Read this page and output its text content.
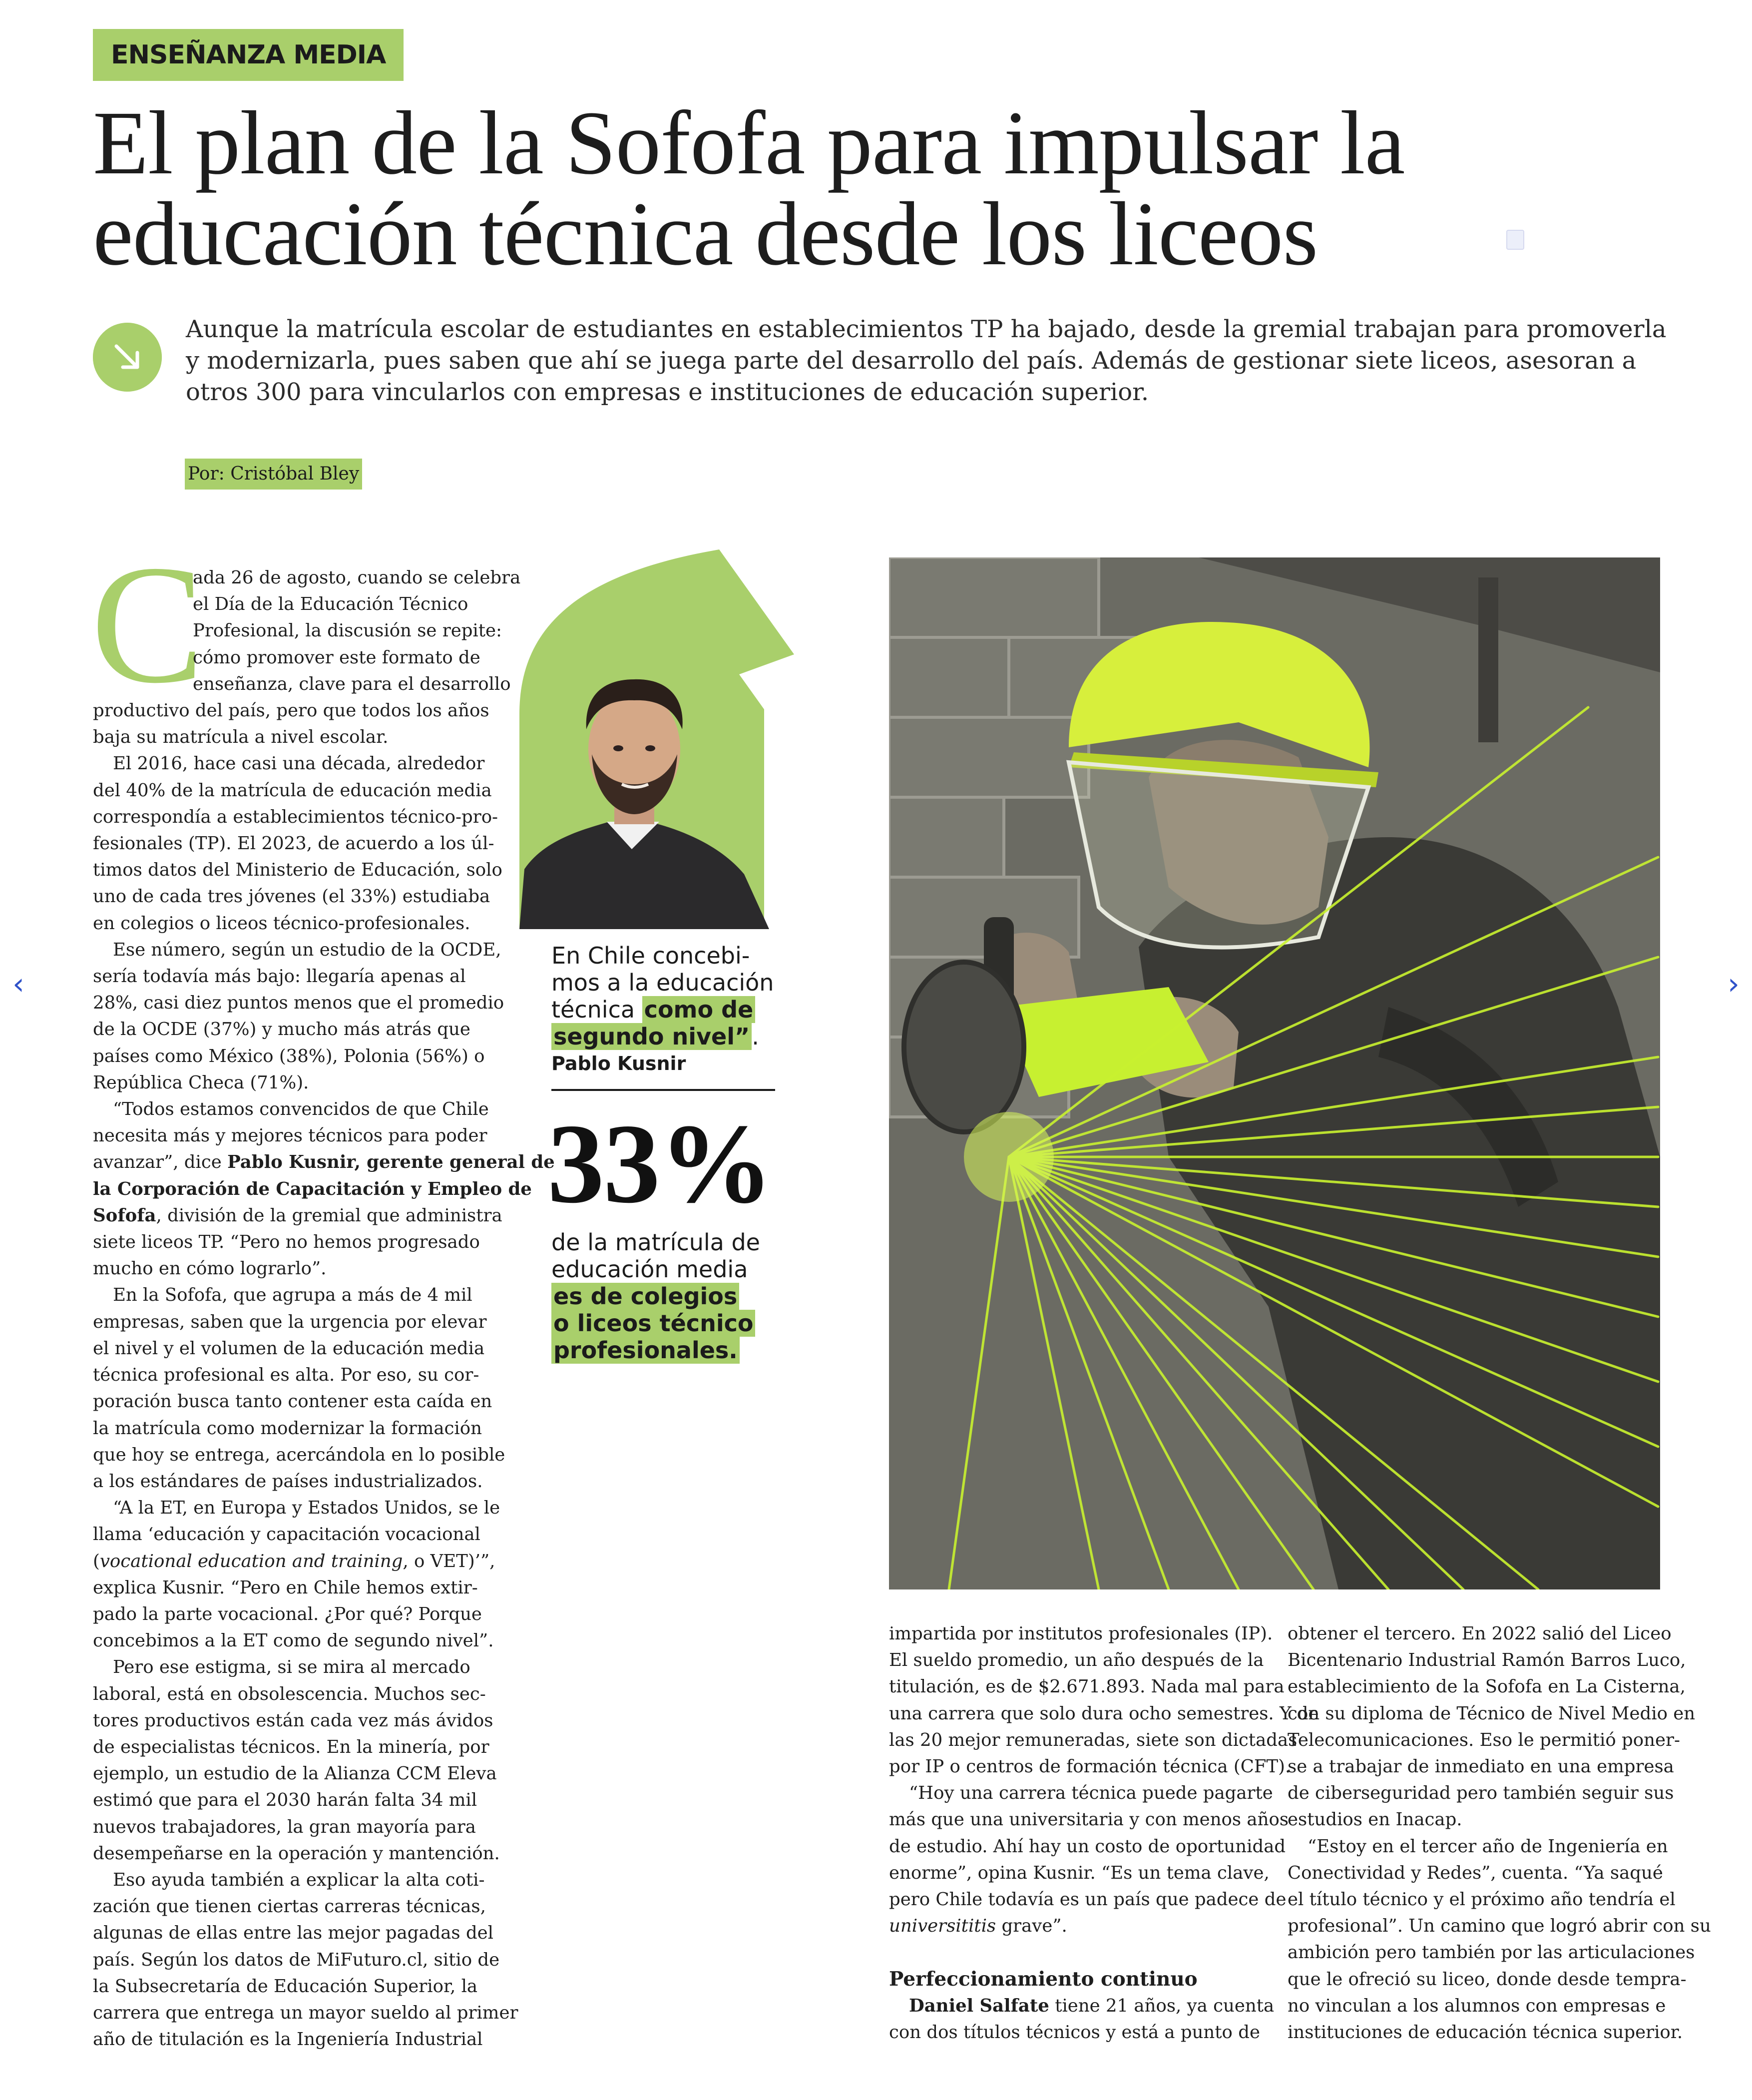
ENSEÑANZA MEDIA
El plan de la Sofofa para impulsar la
educación técnica desde los liceos
Aunque la matrícula escolar de estudiantes en establecimientos TP ha bajado, desde la gremial trabajan para promoverla
y modernizarla, pues saben que ahí se juega parte del desarrollo del país. Además de gestionar siete liceos, asesoran a
otros 300 para vincularlos con empresas e instituciones de educación superior.
Por: Cristóbal Bley
C
ada 26 de agosto, cuando se celebra
el Día de la Educación Técnico
Profesional, la discusión se repite:
cómo promover este formato de
enseñanza, clave para el desarrollo
productivo del país, pero que todos los años
baja su matrícula a nivel escolar.
El 2016, hace casi una década, alrededor
del 40% de la matrícula de educación media
correspondía a establecimientos técnico-pro-
fesionales (TP). El 2023, de acuerdo a los úl-
timos datos del Ministerio de Educación, solo
uno de cada tres jóvenes (el 33%) estudiaba
en colegios o liceos técnico-profesionales.
Ese número, según un estudio de la OCDE,
sería todavía más bajo: llegaría apenas al
28%, casi diez puntos menos que el promedio
de la OCDE (37%) y mucho más atrás que
países como México (38%), Polonia (56%) o
República Checa (71%).
“Todos estamos convencidos de que Chile
necesita más y mejores técnicos para poder
avanzar”, dice Pablo Kusnir, gerente general de
la Corporación de Capacitación y Empleo de
Sofofa, división de la gremial que administra
siete liceos TP. “Pero no hemos progresado
mucho en cómo lograrlo”.
En la Sofofa, que agrupa a más de 4 mil
empresas, saben que la urgencia por elevar
el nivel y el volumen de la educación media
técnica profesional es alta. Por eso, su cor-
poración busca tanto contener esta caída en
la matrícula como modernizar la formación
que hoy se entrega, acercándola en lo posible
a los estándares de países industrializados.
“A la ET, en Europa y Estados Unidos, se le
llama ‘educación y capacitación vocacional
(vocational education and training, o VET)’”,
explica Kusnir. “Pero en Chile hemos extir-
pado la parte vocacional. ¿Por qué? Porque
concebimos a la ET como de segundo nivel”.
Pero ese estigma, si se mira al mercado
laboral, está en obsolescencia. Muchos sec-
tores productivos están cada vez más ávidos
de especialistas técnicos. En la minería, por
ejemplo, un estudio de la Alianza CCM Eleva
estimó que para el 2030 harán falta 34 mil
nuevos trabajadores, la gran mayoría para
desempeñarse en la operación y mantención.
Eso ayuda también a explicar la alta coti-
zación que tienen ciertas carreras técnicas,
algunas de ellas entre las mejor pagadas del
país. Según los datos de MiFuturo.cl, sitio de
la Subsecretaría de Educación Superior, la
carrera que entrega un mayor sueldo al primer
año de titulación es la Ingeniería Industrial
En Chile concebi-
mos a la educación
técnica como de
segundo nivel”.
Pablo Kusnir
33%
de la matrícula de
educación media
es de colegios
o liceos técnico
profesionales.
impartida por institutos profesionales (IP).
El sueldo promedio, un año después de la
titulación, es de $2.671.893. Nada mal para
una carrera que solo dura ocho semestres. Y de
las 20 mejor remuneradas, siete son dictadas
por IP o centros de formación técnica (CFT).
“Hoy una carrera técnica puede pagarte
más que una universitaria y con menos años
de estudio. Ahí hay un costo de oportunidad
enorme”, opina Kusnir. “Es un tema clave,
pero Chile todavía es un país que padece de
universititis grave”.

Perfeccionamiento continuo
Daniel Salfate tiene 21 años, ya cuenta
con dos títulos técnicos y está a punto de
obtener el tercero. En 2022 salió del Liceo
Bicentenario Industrial Ramón Barros Luco,
establecimiento de la Sofofa en La Cisterna,
con su diploma de Técnico de Nivel Medio en
Telecomunicaciones. Eso le permitió poner-
se a trabajar de inmediato en una empresa
de ciberseguridad pero también seguir sus
estudios en Inacap.
“Estoy en el tercer año de Ingeniería en
Conectividad y Redes”, cuenta. “Ya saqué
el título técnico y el próximo año tendría el
profesional”. Un camino que logró abrir con su
ambición pero también por las articulaciones
que le ofreció su liceo, donde desde tempra-
no vinculan a los alumnos con empresas e
instituciones de educación técnica superior.
‹	›
